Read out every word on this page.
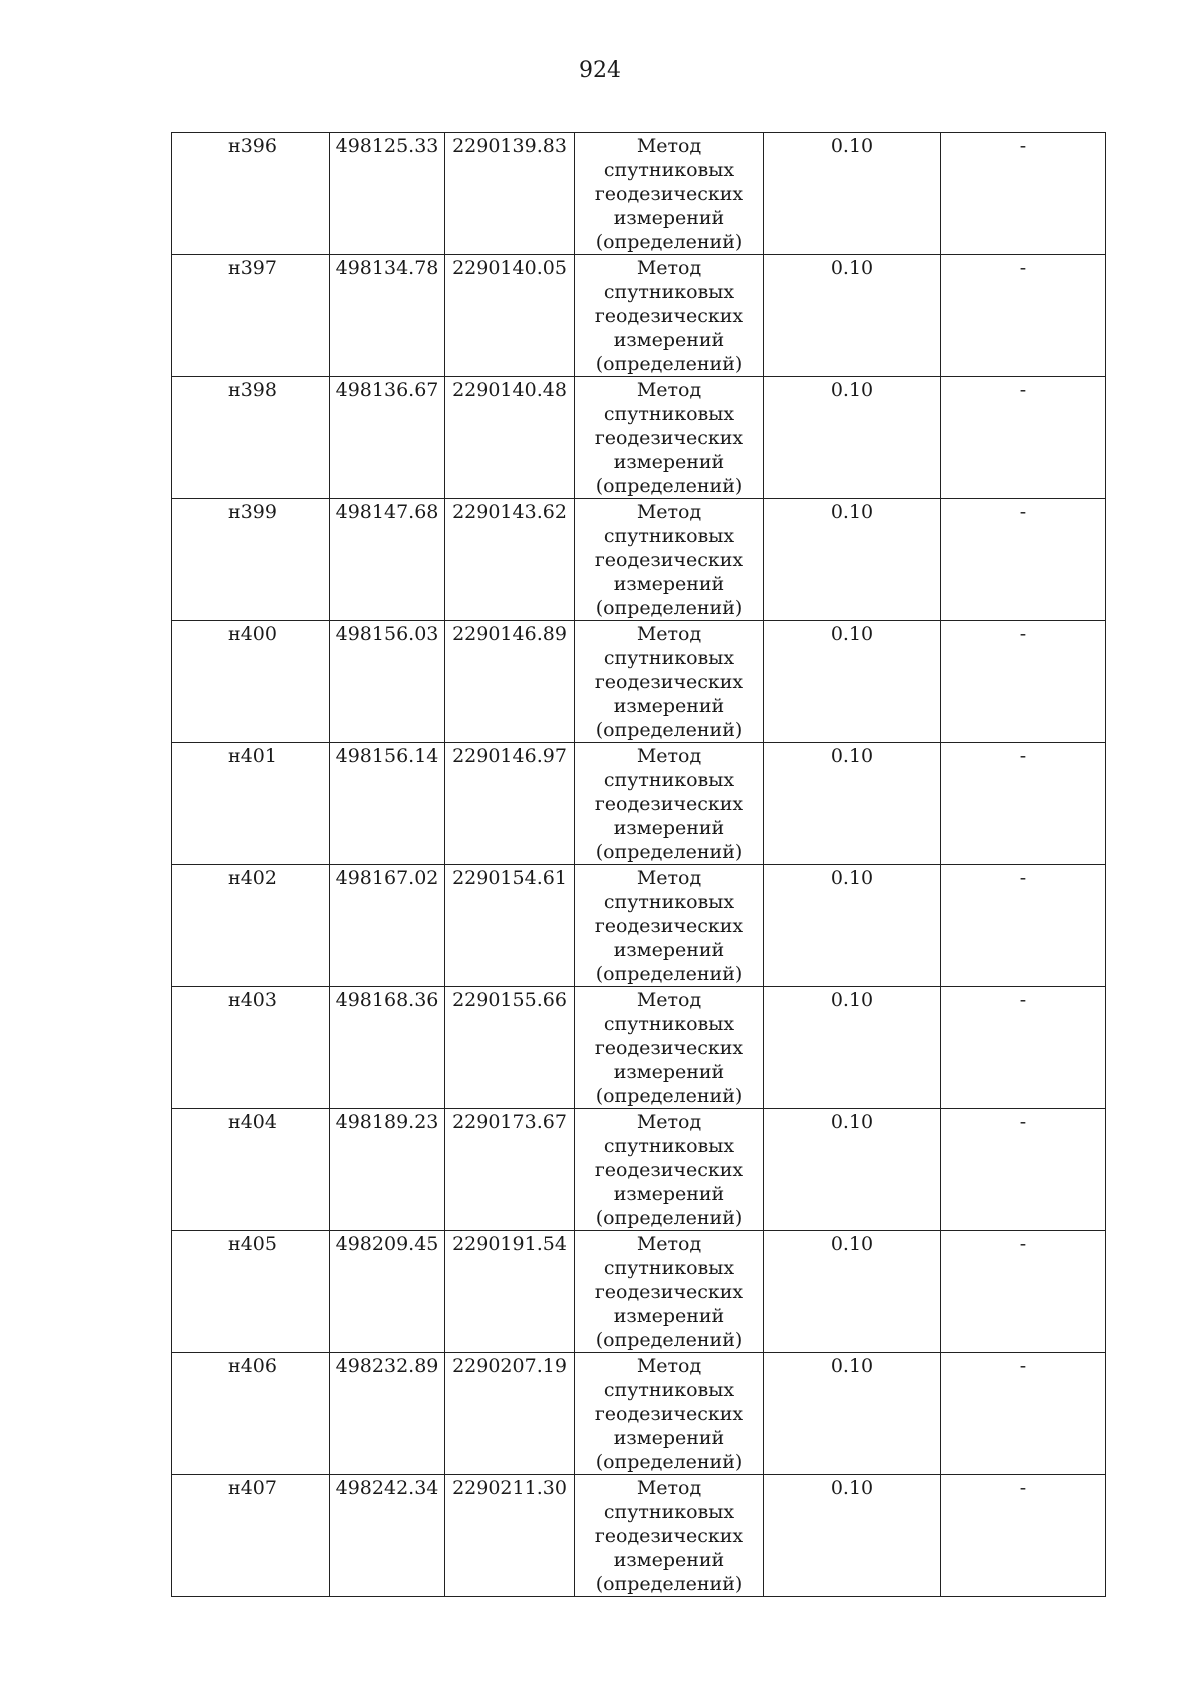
924
н396	498125.33	2290139.83	Метод
спутниковых
геодезических
измерений
(определений)	0.10	-

н397	498134.78	2290140.05	Метод
спутниковых
геодезических
измерений
(определений)	0.10	-

н398	498136.67	2290140.48	Метод
спутниковых
геодезических
измерений
(определений)	0.10	-

н399	498147.68	2290143.62	Метод
спутниковых
геодезических
измерений
(определений)	0.10	-

н400	498156.03	2290146.89	Метод
спутниковых
геодезических
измерений
(определений)	0.10	-

н401	498156.14	2290146.97	Метод
спутниковых
геодезических
измерений
(определений)	0.10	-

н402	498167.02	2290154.61	Метод
спутниковых
геодезических
измерений
(определений)	0.10	-

н403	498168.36	2290155.66	Метод
спутниковых
геодезических
измерений
(определений)	0.10	-

н404	498189.23	2290173.67	Метод
спутниковых
геодезических
измерений
(определений)	0.10	-

н405	498209.45	2290191.54	Метод
спутниковых
геодезических
измерений
(определений)	0.10	-

н406	498232.89	2290207.19	Метод
спутниковых
геодезических
измерений
(определений)	0.10	-

н407	498242.34	2290211.30	Метод
спутниковых
геодезических
измерений
(определений)	0.10	-
